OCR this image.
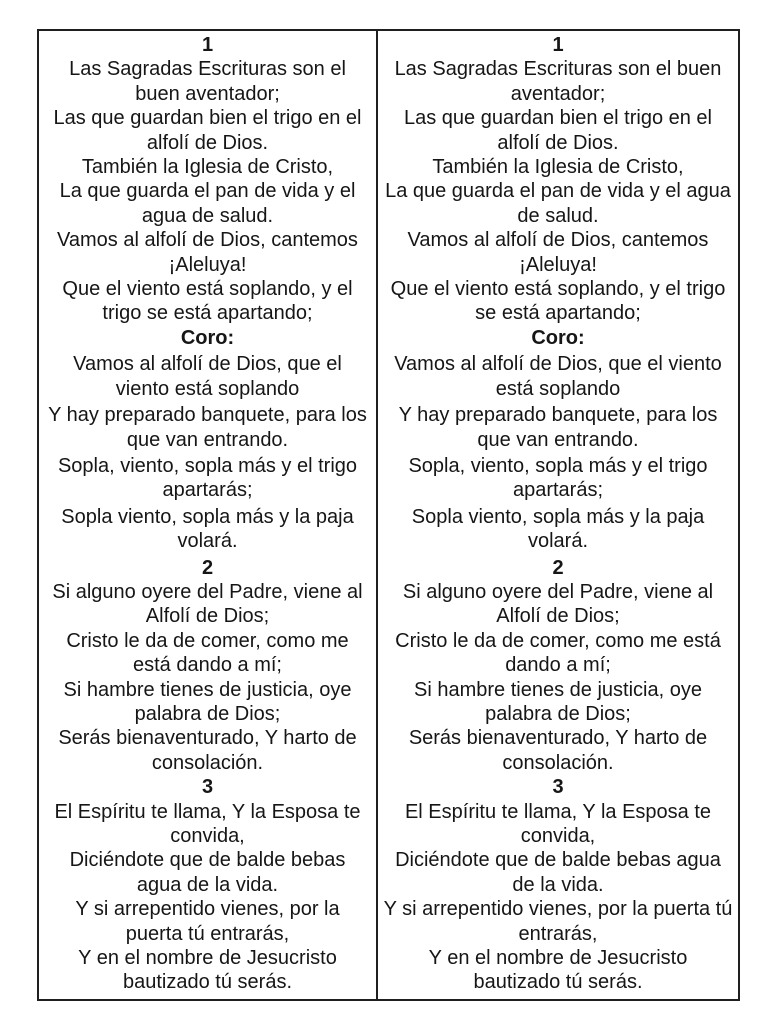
1

Las Sagradas Escrituras son el buen aventador;

Las que guardan bien el trigo en el alfolí de Dios.

También la Iglesia de Cristo,

La que guarda el pan de vida y el agua de salud.

Vamos al alfolí de Dios, cantemos ¡Aleluya!

Que el viento está soplando, y el trigo se está apartando;

Coro:

Vamos al alfolí de Dios, que el viento está soplando

Y hay preparado banquete, para los que van entrando.

Sopla, viento, sopla más y el trigo apartarás;

Sopla viento, sopla más y la paja volará.

2

Si alguno oyere del Padre, viene al Alfolí de Dios;

Cristo le da de comer, como me está dando a mí;

Si hambre tienes de justicia, oye palabra de Dios;

Serás bienaventurado, Y harto de consolación.

3

El Espíritu te llama, Y la Esposa te convida,

Diciéndote que de balde bebas agua de la vida.

Y si arrepentido vienes, por la puerta tú entrarás,

Y en el nombre de Jesucristo bautizado tú serás.

1

Las Sagradas Escrituras son el buen aventador;

Las que guardan bien el trigo en el alfolí de Dios.

También la Iglesia de Cristo,

La que guarda el pan de vida y el agua de salud.

Vamos al alfolí de Dios, cantemos ¡Aleluya!

Que el viento está soplando, y el trigo se está apartando;

Coro:

Vamos al alfolí de Dios, que el viento está soplando

Y hay preparado banquete, para los que van entrando.

Sopla, viento, sopla más y el trigo apartarás;

Sopla viento, sopla más y la paja volará.

2

Si alguno oyere del Padre, viene al Alfolí de Dios;

Cristo le da de comer, como me está dando a mí;

Si hambre tienes de justicia, oye palabra de Dios;

Serás bienaventurado, Y harto de consolación.

3

El Espíritu te llama, Y la Esposa te convida,

Diciéndote que de balde bebas agua de la vida.

Y si arrepentido vienes, por la puerta tú entrarás,

Y en el nombre de Jesucristo bautizado tú serás.
